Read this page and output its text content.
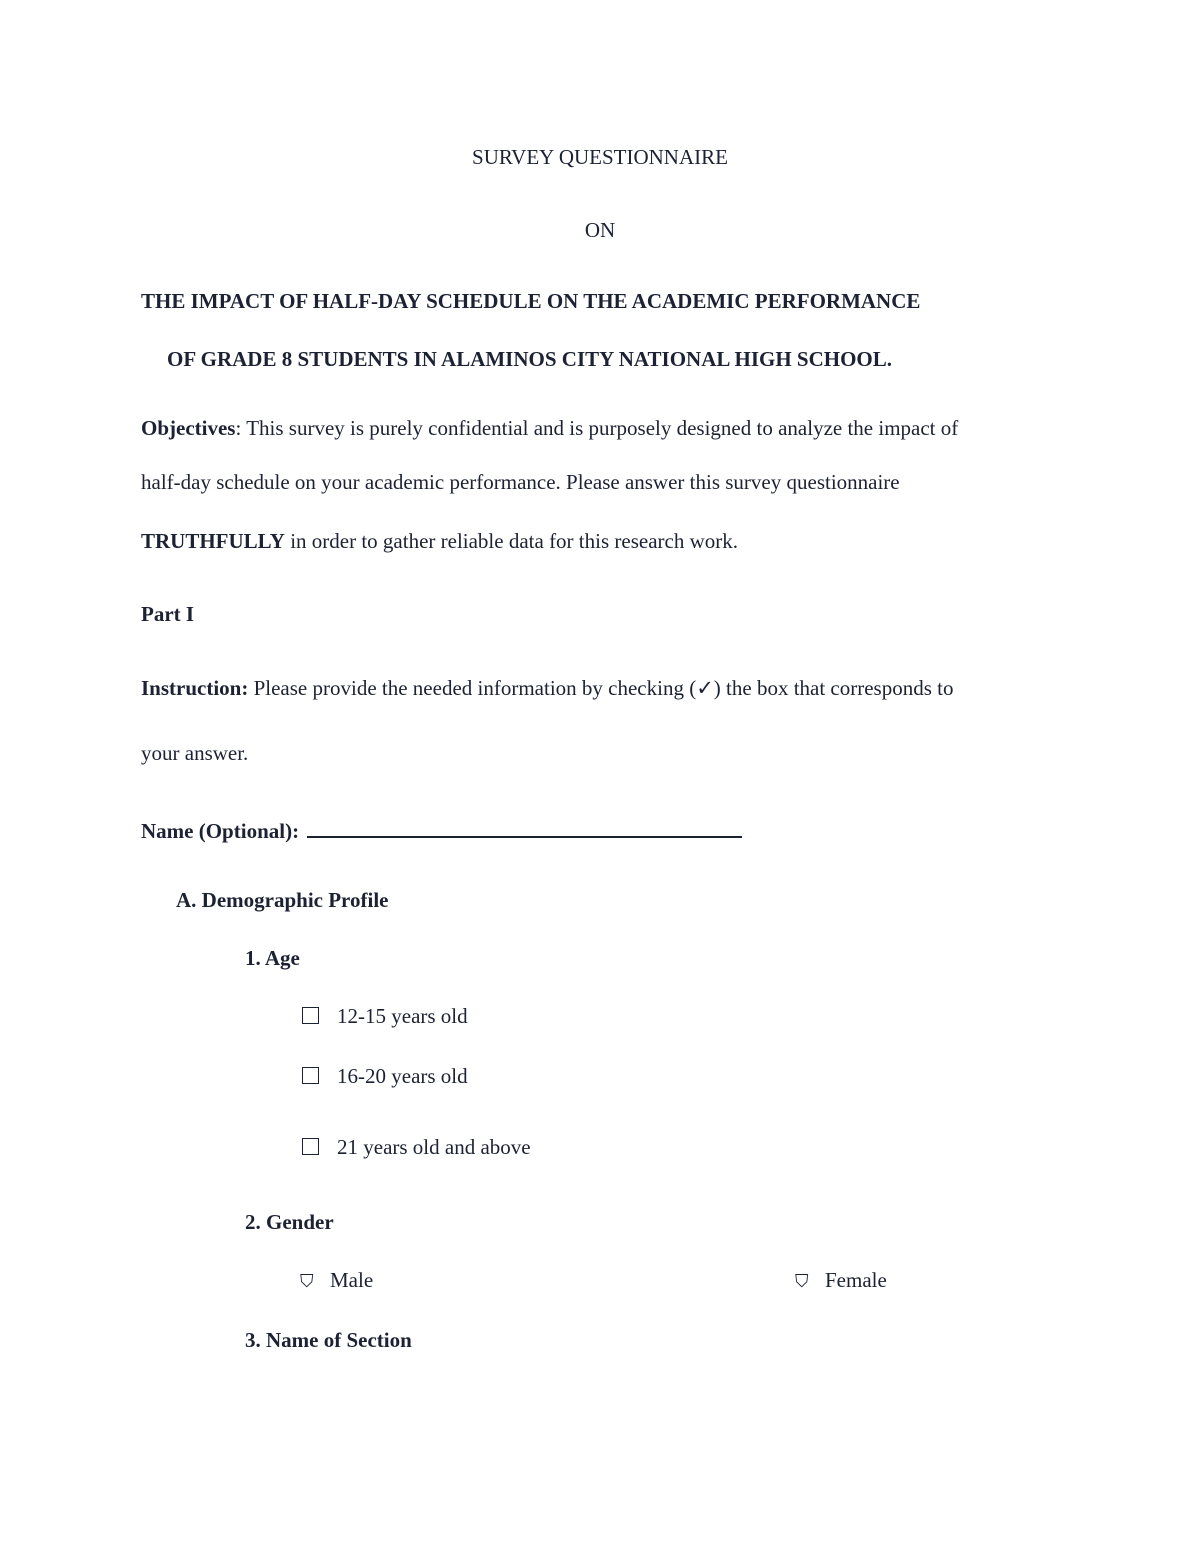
SURVEY QUESTIONNAIRE
ON
THE IMPACT OF HALF-DAY SCHEDULE ON THE ACADEMIC PERFORMANCE
OF GRADE 8 STUDENTS IN ALAMINOS CITY NATIONAL HIGH SCHOOL.
Objectives: This survey is purely confidential and is purposely designed to analyze the impact of
half-day schedule on your academic performance. Please answer this survey questionnaire
TRUTHFULLY in order to gather reliable data for this research work.
Part I
Instruction: Please provide the needed information by checking (✓) the box that corresponds to
your answer.
Name (Optional):
A. Demographic Profile
1. Age
12-15 years old
16-20 years old
21 years old and above
2. Gender
⛉ Male	⛉ Female
3. Name of Section
